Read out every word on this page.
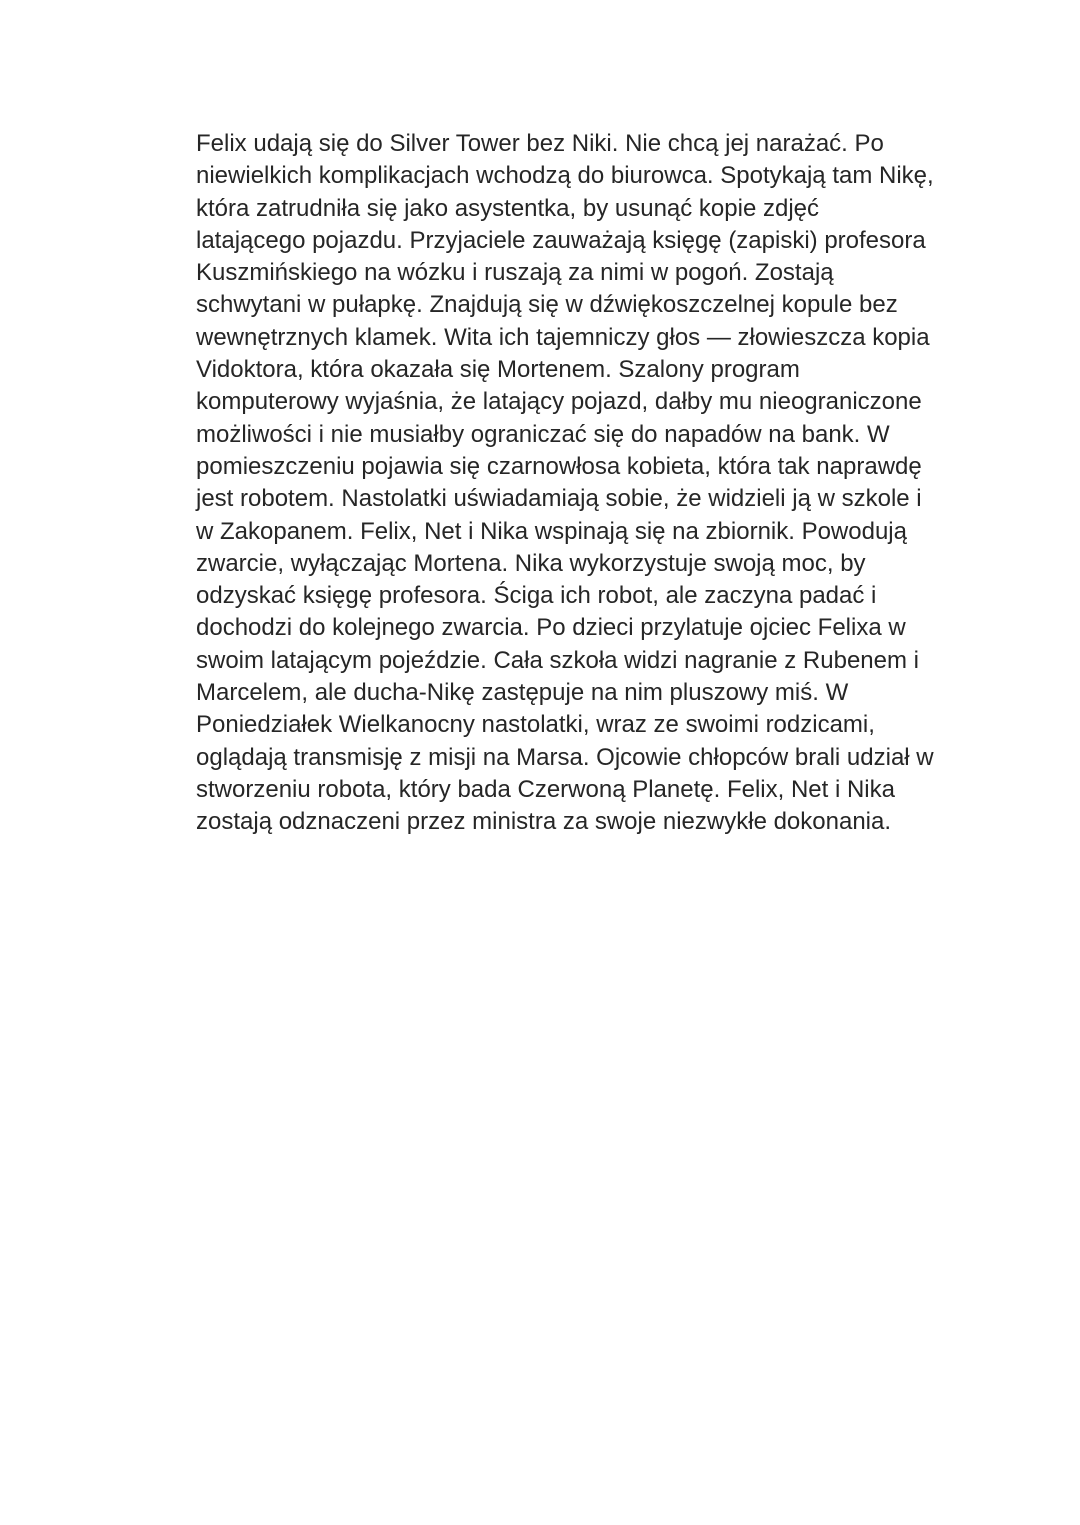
Felix udają się do Silver Tower bez Niki. Nie chcą jej narażać. Po
niewielkich komplikacjach wchodzą do biurowca. Spotykają tam Nikę,
która zatrudniła się jako asystentka, by usunąć kopie zdjęć
latającego pojazdu. Przyjaciele zauważają księgę (zapiski) profesora
Kuszmińskiego na wózku i ruszają za nimi w pogoń. Zostają
schwytani w pułapkę. Znajdują się w dźwiękoszczelnej kopule bez
wewnętrznych klamek. Wita ich tajemniczy głos — złowieszcza kopia
Vidoktora, która okazała się Mortenem. Szalony program
komputerowy wyjaśnia, że latający pojazd, dałby mu nieograniczone
możliwości i nie musiałby ograniczać się do napadów na bank. W
pomieszczeniu pojawia się czarnowłosa kobieta, która tak naprawdę
jest robotem. Nastolatki uświadamiają sobie, że widzieli ją w szkole i
w Zakopanem. Felix, Net i Nika wspinają się na zbiornik. Powodują
zwarcie, wyłączając Mortena. Nika wykorzystuje swoją moc, by
odzyskać księgę profesora. Ściga ich robot, ale zaczyna padać i
dochodzi do kolejnego zwarcia. Po dzieci przylatuje ojciec Felixa w
swoim latającym pojeździe. Cała szkoła widzi nagranie z Rubenem i
Marcelem, ale ducha-Nikę zastępuje na nim pluszowy miś. W
Poniedziałek Wielkanocny nastolatki, wraz ze swoimi rodzicami,
oglądają transmisję z misji na Marsa. Ojcowie chłopców brali udział w
stworzeniu robota, który bada Czerwoną Planetę. Felix, Net i Nika
zostają odznaczeni przez ministra za swoje niezwykłe dokonania.
